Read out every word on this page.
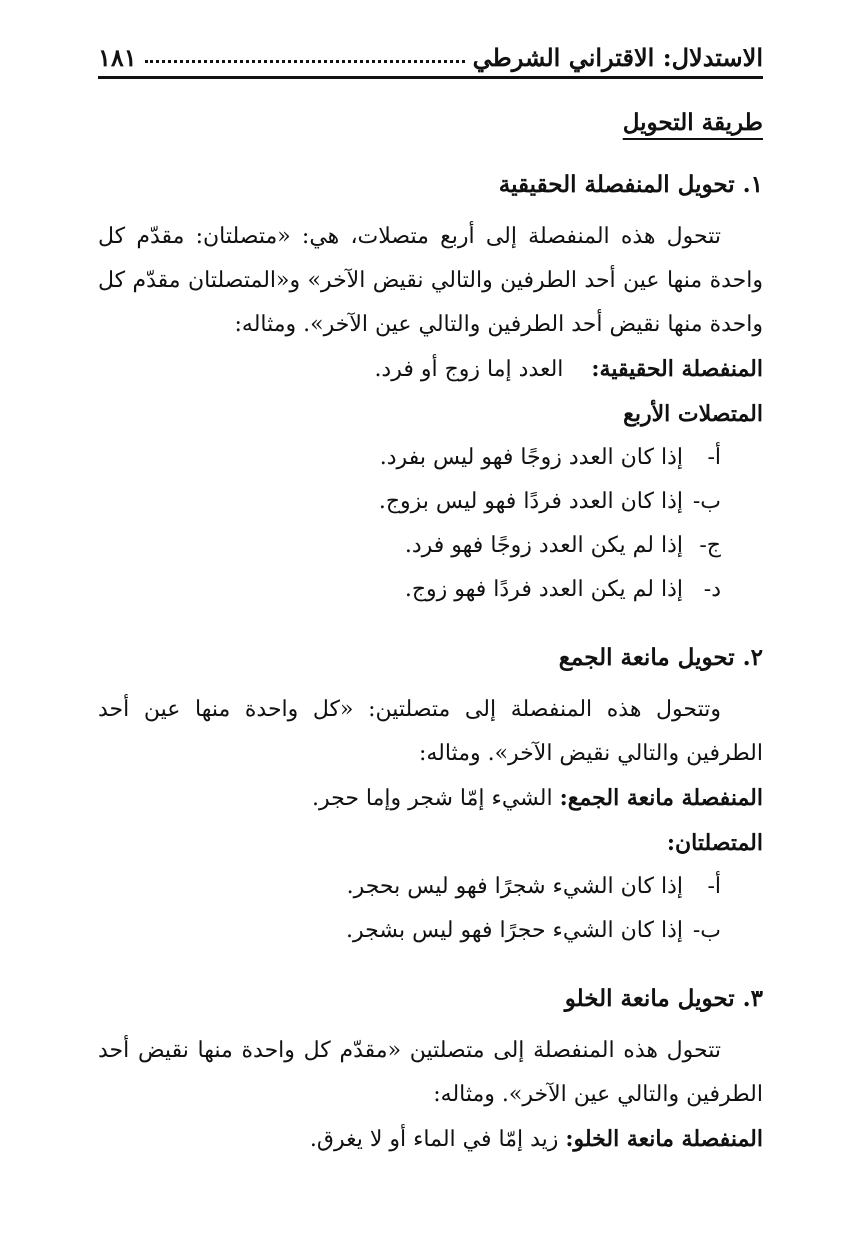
الاستدلال: الاقتراني الشرطي
١٨١
طريقة التحويل
١. تحويل المنفصلة الحقيقية
تتحول هذه المنفصلة إلى أربع متصلات، هي: «متصلتان: مقدّم كل واحدة منها عين أحد الطرفين والتالي نقيض الآخر» و«المتصلتان مقدّم كل واحدة منها نقيض أحد الطرفين والتالي عين الآخر». ومثاله:
المنفصلة الحقيقية:    العدد إما زوج أو فرد.
المتصلات الأربع
أ-
إذا كان العدد زوجًا فهو ليس بفرد.
ب-
إذا كان العدد فردًا فهو ليس بزوج.
ج-
إذا لم يكن العدد زوجًا فهو فرد.
د-
إذا لم يكن العدد فردًا فهو زوج.
٢. تحويل مانعة الجمع
وتتحول هذه المنفصلة إلى متصلتين: «كل واحدة منها عين أحد الطرفين والتالي نقيض الآخر». ومثاله:
المنفصلة مانعة الجمع: الشيء إمّا شجر وإما حجر.
المتصلتان:
أ-
إذا كان الشيء شجرًا فهو ليس بحجر.
ب-
إذا كان الشيء حجرًا فهو ليس بشجر.
٣. تحويل مانعة الخلو
تتحول هذه المنفصلة إلى متصلتين «مقدّم كل واحدة منها نقيض أحد الطرفين والتالي عين الآخر». ومثاله:
المنفصلة مانعة الخلو: زيد إمّا في الماء أو لا يغرق.
